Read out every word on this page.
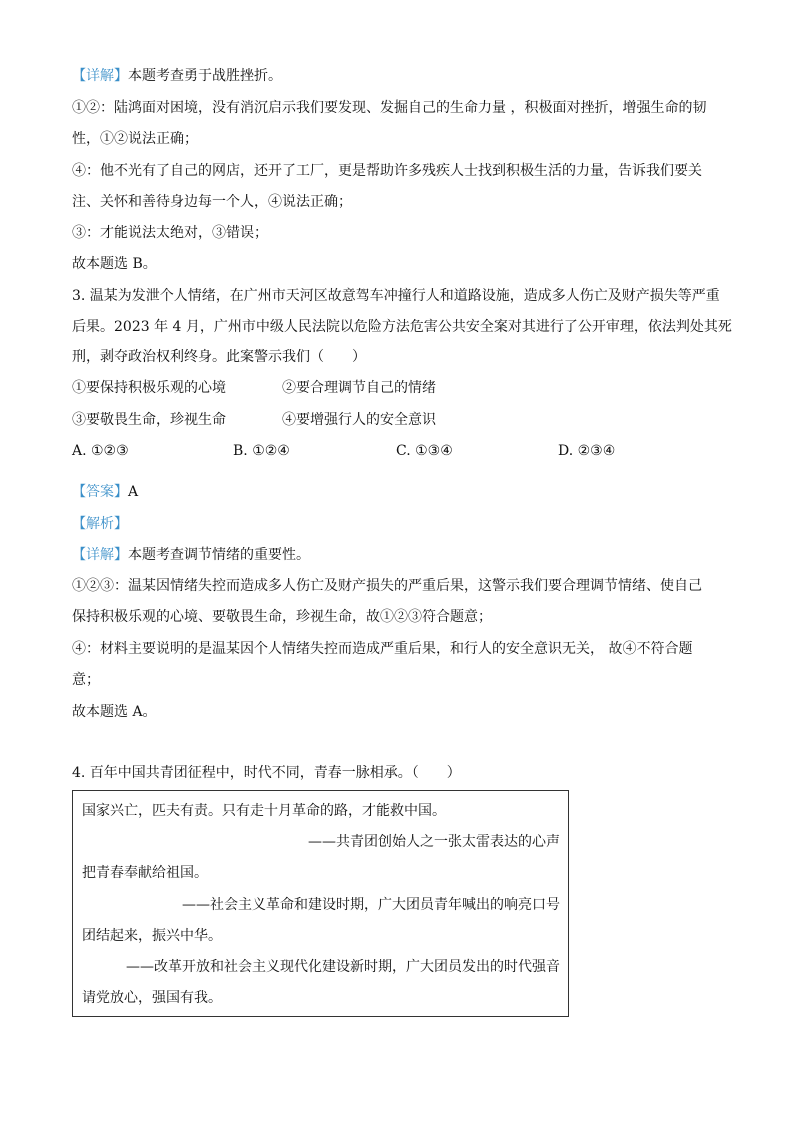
【详解】本题考查勇于战胜挫折。
①②：陆鸿面对困境，没有消沉启示我们要发现、发掘自己的生命力量 ，积极面对挫折，增强生命的韧
性，①②说法正确；
④：他不光有了自己的网店，还开了工厂，更是帮助许多残疾人士找到积极生活的力量，告诉我们要关
注、关怀和善待身边每一个人，④说法正确；
③：才能说法太绝对，③错误；
故本题选 B。
3. 温某为发泄个人情绪，在广州市天河区故意驾车冲撞行人和道路设施，造成多人伤亡及财产损失等严重
后果。2023 年 4 月，广州市中级人民法院以危险方法危害公共安全案对其进行了公开审理，依法判处其死
刑，剥夺政治权利终身。此案警示我们（　　）
①要保持积极乐观的心境	②要合理调节自己的情绪
③要敬畏生命，珍视生命	④要增强行人的安全意识
A. ①②③	B. ①②④	C. ①③④	D. ②③④
【答案】A
【解析】
【详解】本题考查调节情绪的重要性。
①②③：温某因情绪失控而造成多人伤亡及财产损失的严重后果，这警示我们要合理调节情绪、使自己
保持积极乐观的心境、要敬畏生命，珍视生命，故①②③符合题意；
④：材料主要说明的是温某因个人情绪失控而造成严重后果，和行人的安全意识无关， 故④不符合题
意；
故本题选 A。
4. 百年中国共青团征程中，时代不同，青春一脉相承。（　　）
国家兴亡，匹夫有责。只有走十月革命的路，才能救中国。
——共青团创始人之一张太雷表达的心声
把青春奉献给祖国。
——社会主义革命和建设时期，广大团员青年喊出的响亮口号
团结起来，振兴中华。
——改革开放和社会主义现代化建设新时期，广大团员发出的时代强音
请党放心，强国有我。
